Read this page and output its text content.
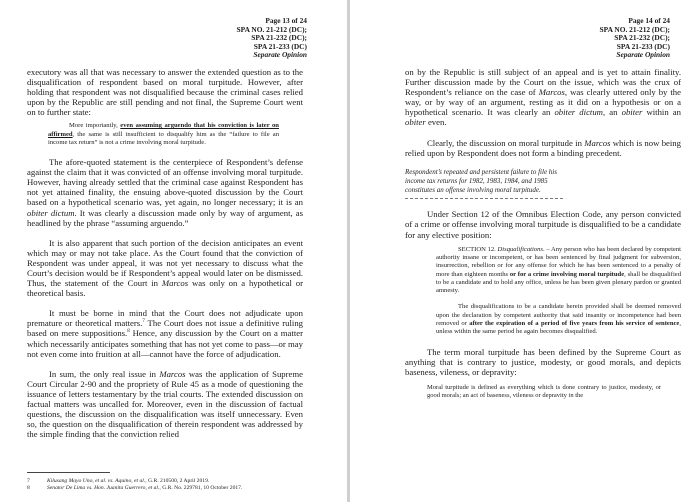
Page 13 of 24
SPA NO. 21-212 (DC);
SPA 21-232 (DC);
SPA 21-233 (DC)
Separate Opinion

executory was all that was necessary to answer the extended question as to the disqualification of respondent based on moral turpitude. However, after holding that respondent was not disqualified because the criminal cases relied upon by the Republic are still pending and not final, the Supreme Court went on to further state:

More importantly, even assuming arguendo that his conviction is later on affirmed, the same is still insufficient to disqualify him as the “failure to file an income tax return” is not a crime involving moral turpitude.

The afore-quoted statement is the centerpiece of Respondent’s defense against the claim that it was convicted of an offense involving moral turpitude. However, having already settled that the criminal case against Respondent has not yet attained finality, the ensuing above-quoted discussion by the Court based on a hypothetical scenario was, yet again, no longer necessary; it is an obiter dictum. It was clearly a discussion made only by way of argument, as headlined by the phrase “assuming arguendo.”

It is also apparent that such portion of the decision anticipates an event which may or may not take place. As the Court found that the conviction of Respondent was under appeal, it was not yet necessary to discuss what the Court’s decision would be if Respondent’s appeal would later on be dismissed. Thus, the statement of the Court in Marcos was only on a hypothetical or theoretical basis.

It must be borne in mind that the Court does not adjudicate upon premature or theoretical matters.$^7$ The Court does not issue a definitive ruling based on mere suppositions.$^8$ Hence, any discussion by the Court on a matter which necessarily anticipates something that has not yet come to pass—or may not even come into fruition at all—cannot have the force of adjudication.

In sum, the only real issue in Marcos was the application of Supreme Court Circular 2-90 and the propriety of Rule 45 as a mode of questioning the issuance of letters testamentary by the trial courts. The extended discussion on factual matters was uncalled for. Moreover, even in the discussion of factual questions, the discussion on the disqualification was itself unnecessary. Even so, the question on the disqualification of therein respondent was addressed by the simple finding that the conviction relied

7	Kilusang Mayo Uno, et al. vs. Aquino, et al., G.R. 210500, 2 April 2019.
8	Senator De Lima vs. Hon. Juanita Guerrero, et al., G.R. No. 229781, 10 October 2017.
Page 14 of 24
SPA NO. 21-212 (DC);
SPA 21-232 (DC);
SPA 21-233 (DC)
Separate Opinion

on by the Republic is still subject of an appeal and is yet to attain finality. Further discussion made by the Court on the issue, which was the crux of Respondent’s reliance on the case of Marcos, was clearly uttered only by the way, or by way of an argument, resting as it did on a hypothesis or on a hypothetical scenario. It was clearly an obiter dictum, an obiter within an obiter even.

Clearly, the discussion on moral turpitude in Marcos which is now being relied upon by Respondent does not form a binding precedent.

Respondent’s repeated and persistent failure to file his income tax returns for 1982, 1983, 1984, and 1985 constitutes an offense involving moral turpitude.

Under Section 12 of the Omnibus Election Code, any person convicted of a crime or offense involving moral turpitude is disqualified to be a candidate for any elective position:

SECTION 12. Disqualifications. – Any person who has been declared by competent authority insane or incompetent, or has been sentenced by final judgment for subversion, insurrection, rebellion or for any offense for which he has been sentenced to a penalty of more than eighteen months or for a crime involving moral turpitude, shall be disqualified to be a candidate and to hold any office, unless he has been given plenary pardon or granted amnesty.

The disqualifications to be a candidate herein provided shall be deemed removed upon the declaration by competent authority that said insanity or incompetence had been removed or after the expiration of a period of five years from his service of sentence, unless within the same period he again becomes disqualified.

The term moral turpitude has been defined by the Supreme Court as anything that is contrary to justice, modesty, or good morals, and depicts baseness, vileness, or depravity:

Moral turpitude is defined as everything which is done contrary to justice, modesty, or good morals; an act of baseness, vileness or depravity in the
